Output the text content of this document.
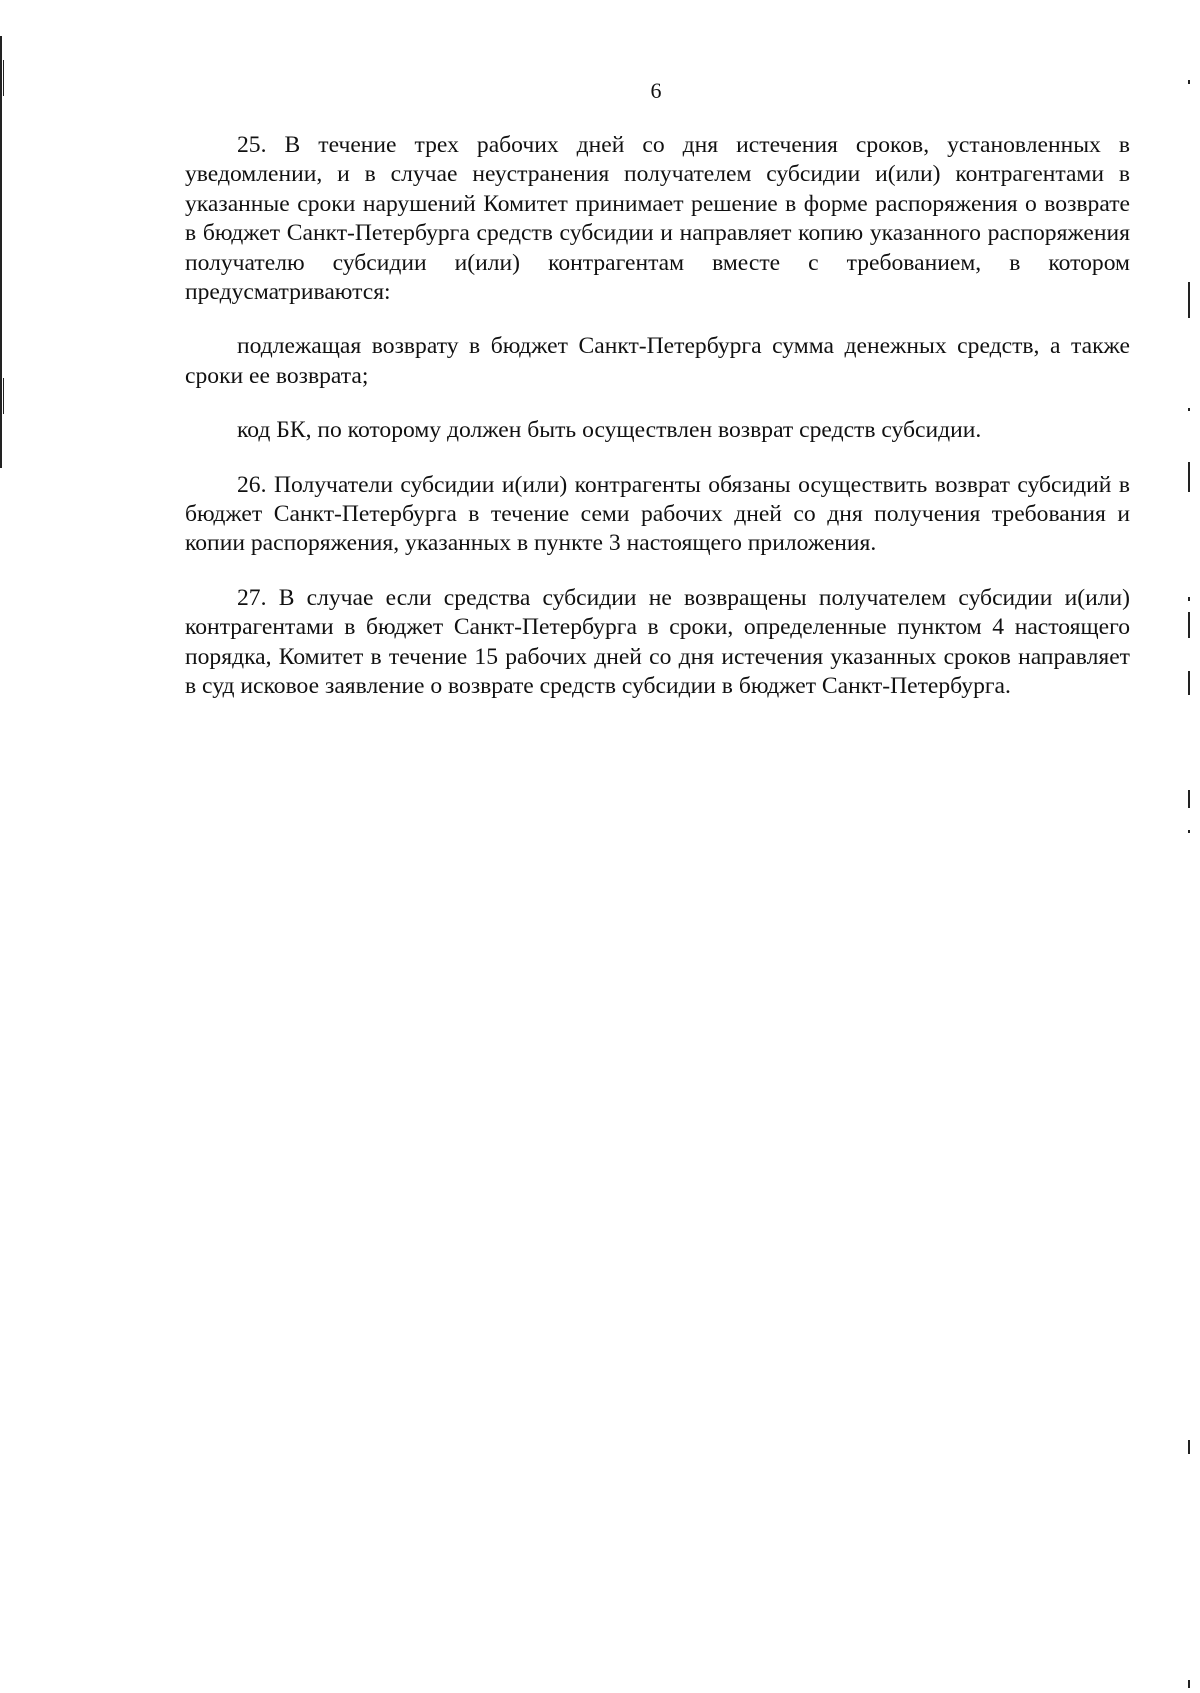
6

25. В течение трех рабочих дней со дня истечения сроков, установленных в уведомлении, и в случае неустранения получателем субсидии и(или) контрагентами в указанные сроки нарушений Комитет принимает решение в форме распоряжения о возврате в бюджет Санкт-Петербурга средств субсидии и направляет копию указанного распоряжения получателю субсидии и(или) контрагентам вместе с требованием, в котором предусматриваются:

подлежащая возврату в бюджет Санкт-Петербурга сумма денежных средств, а также сроки ее возврата;

код БК, по которому должен быть осуществлен возврат средств субсидии.

26. Получатели субсидии и(или) контрагенты обязаны осуществить возврат субсидий в бюджет Санкт-Петербурга в течение семи рабочих дней со дня получения требования и копии распоряжения, указанных в пункте 3 настоящего приложения.

27. В случае если средства субсидии не возвращены получателем субсидии и(или) контрагентами в бюджет Санкт-Петербурга в сроки, определенные пунктом 4 настоящего порядка, Комитет в течение 15 рабочих дней со дня истечения указанных сроков направляет в суд исковое заявление о возврате средств субсидии в бюджет Санкт-Петербурга.
